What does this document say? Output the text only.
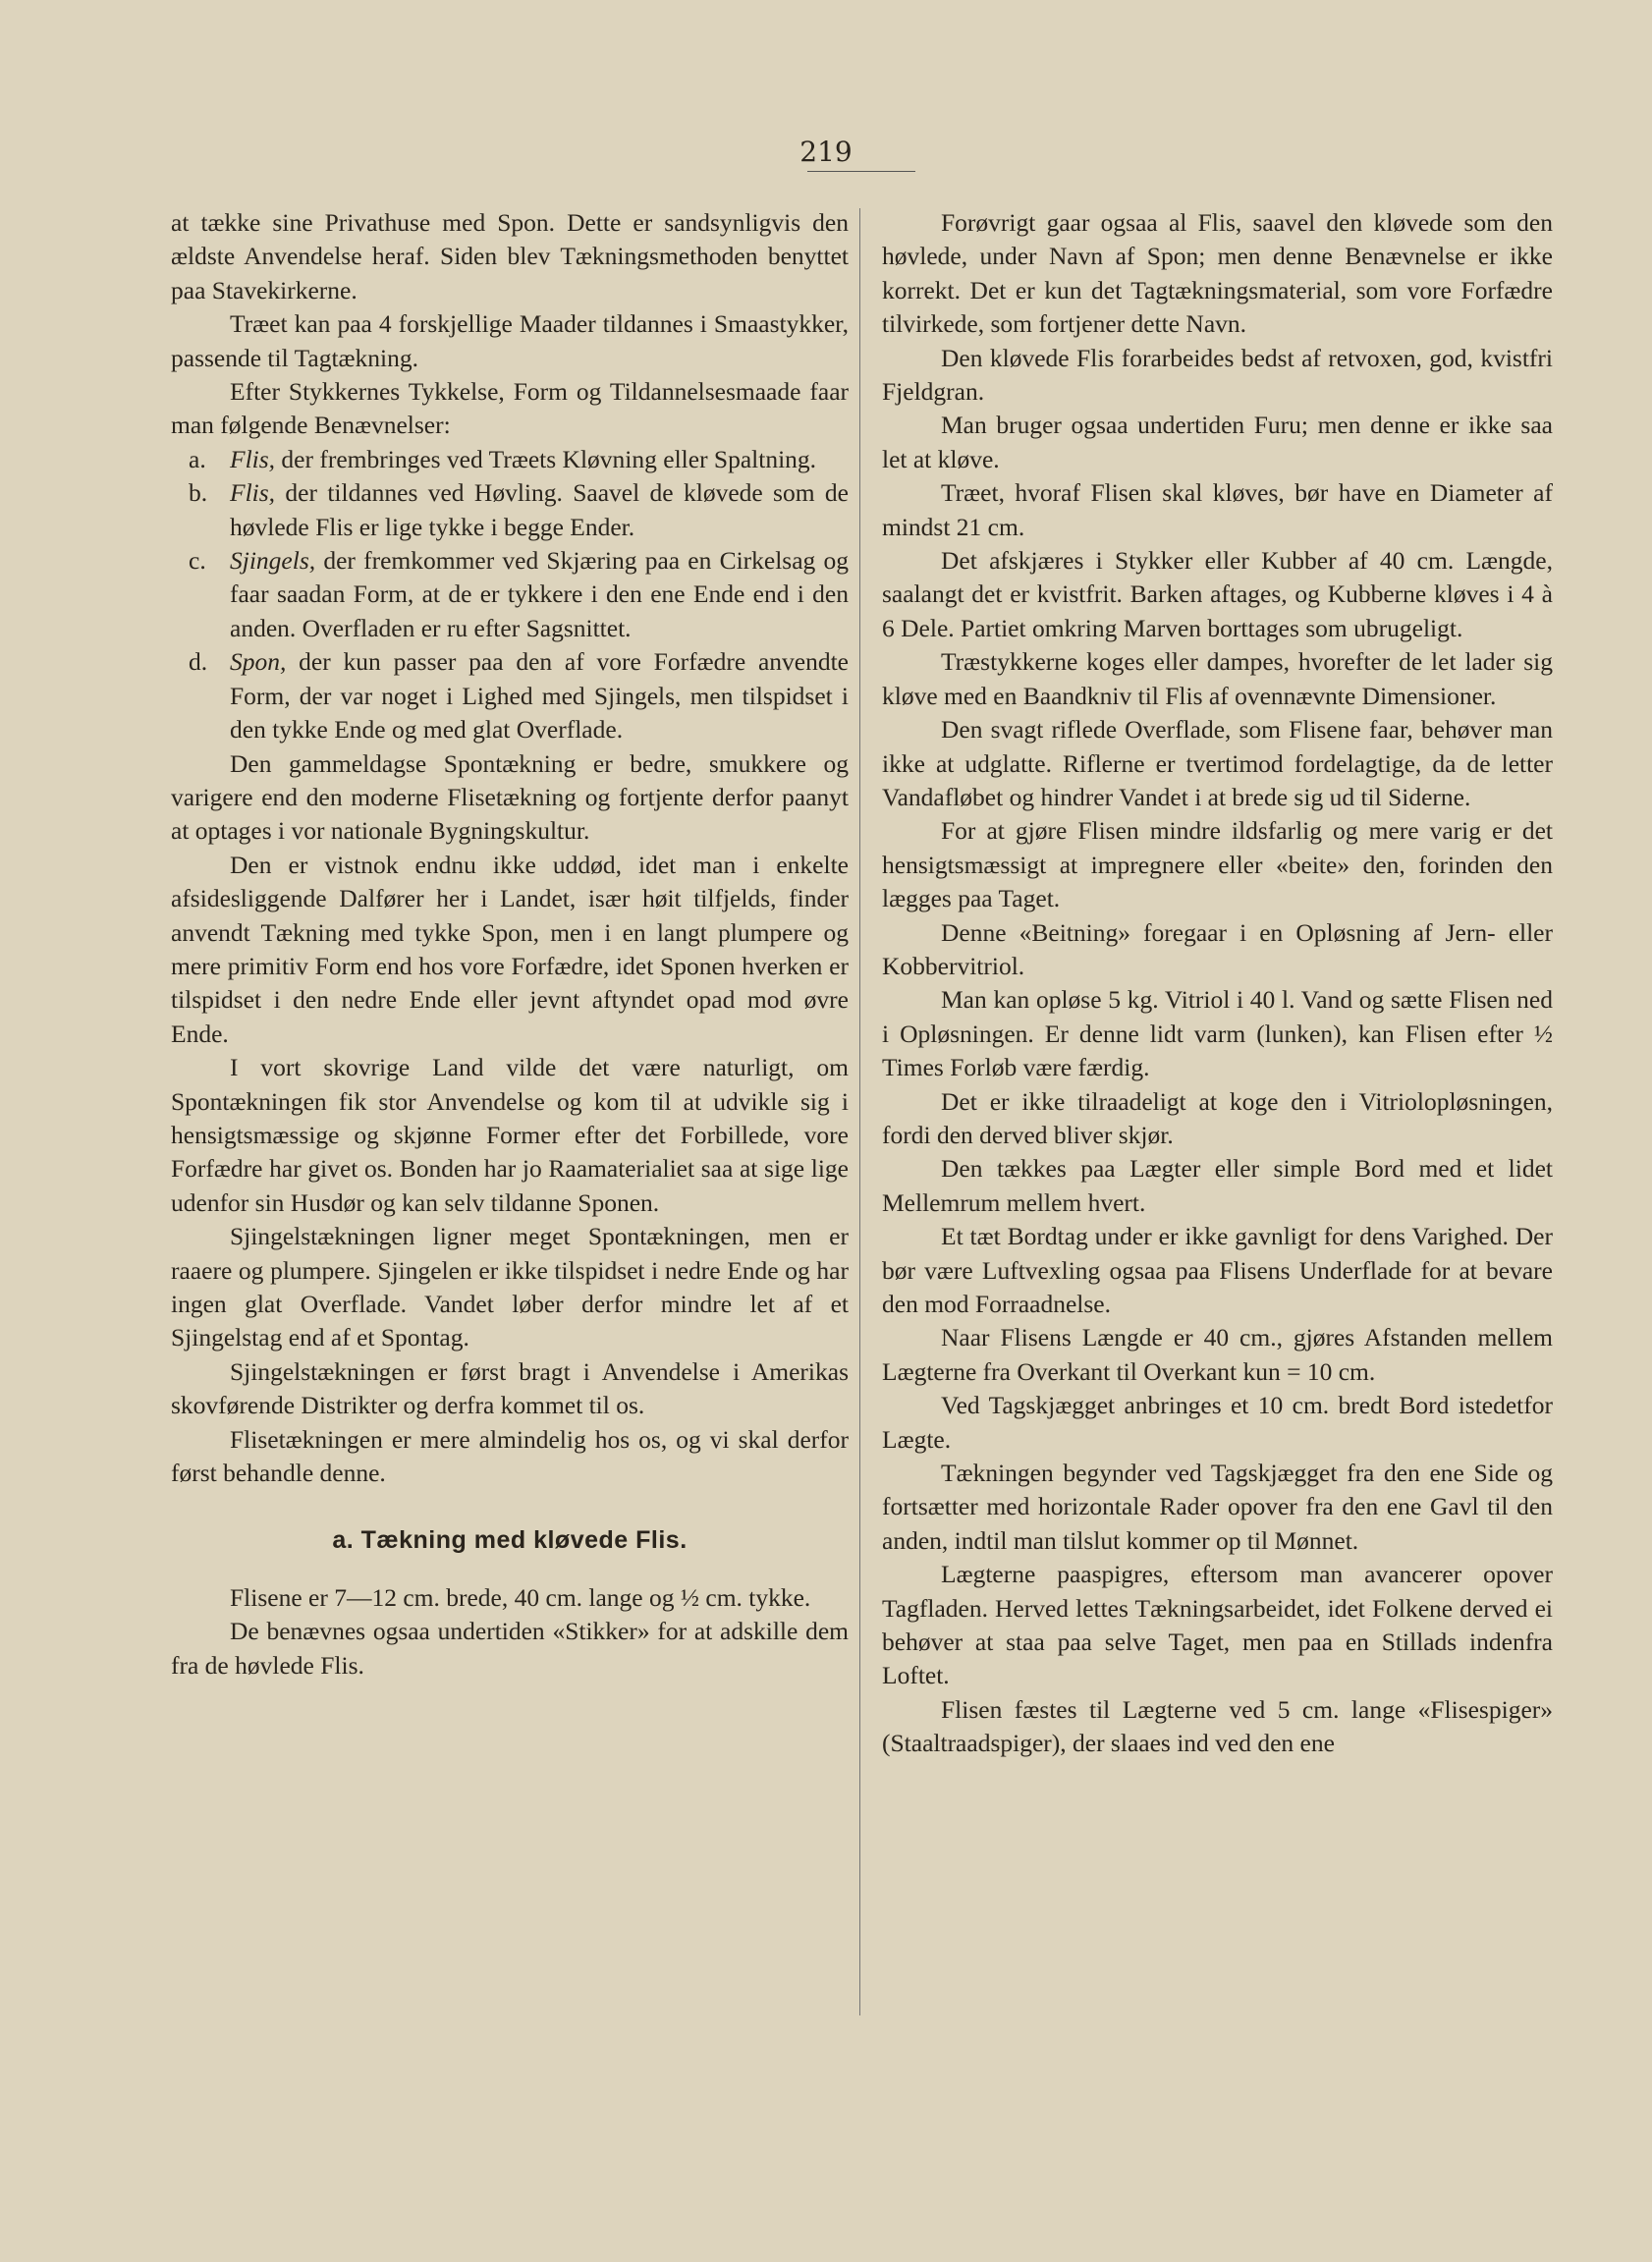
219

at tække sine Privathuse med Spon. Dette er sandsynligvis den ældste Anvendelse heraf. Siden blev Tækningsmethoden benyttet paa Stavekirkerne.

Træet kan paa 4 forskjellige Maader tildannes i Smaastykker, passende til Tagtækning.

Efter Stykkernes Tykkelse, Form og Tildannelsesmaade faar man følgende Benævnelser:

a. Flis, der frembringes ved Træets Kløvning eller Spaltning.
b. Flis, der tildannes ved Høvling. Saavel de kløvede som de høvlede Flis er lige tykke i begge Ender.
c. Sjingels, der fremkommer ved Skjæring paa en Cirkelsag og faar saadan Form, at de er tykkere i den ene Ende end i den anden. Overfladen er ru efter Sagsnittet.
d. Spon, der kun passer paa den af vore Forfædre anvendte Form, der var noget i Lighed med Sjingels, men tilspidset i den tykke Ende og med glat Overflade.

Den gammeldagse Spontækning er bedre, smukkere og varigere end den moderne Flisetækning og fortjente derfor paanyt at optages i vor nationale Bygningskultur.

Den er vistnok endnu ikke uddød, idet man i enkelte afsidesliggende Dalfører her i Landet, især høit tilfjelds, finder anvendt Tækning med tykke Spon, men i en langt plumpere og mere primitiv Form end hos vore Forfædre, idet Sponen hverken er tilspidset i den nedre Ende eller jevnt aftyndet opad mod øvre Ende.

I vort skovrige Land vilde det være naturligt, om Spontækningen fik stor Anvendelse og kom til at udvikle sig i hensigtsmæssige og skjønne Former efter det Forbillede, vore Forfædre har givet os. Bonden har jo Raamaterialiet saa at sige lige udenfor sin Husdør og kan selv tildanne Sponen.

Sjingelstækningen ligner meget Spontækningen, men er raaere og plumpere. Sjingelen er ikke tilspidset i nedre Ende og har ingen glat Overflade. Vandet løber derfor mindre let af et Sjingelstag end af et Spontag.

Sjingelstækningen er først bragt i Anvendelse i Amerikas skovførende Distrikter og derfra kommet til os.

Flisetækningen er mere almindelig hos os, og vi skal derfor først behandle denne.

a. Tækning med kløvede Flis.

Flisene er 7—12 cm. brede, 40 cm. lange og ½ cm. tykke.

De benævnes ogsaa undertiden «Stikker» for at adskille dem fra de høvlede Flis.

Forøvrigt gaar ogsaa al Flis, saavel den kløvede som den høvlede, under Navn af Spon; men denne Benævnelse er ikke korrekt. Det er kun det Tagtækningsmaterial, som vore Forfædre tilvirkede, som fortjener dette Navn.

Den kløvede Flis forarbeides bedst af retvoxen, god, kvistfri Fjeldgran.

Man bruger ogsaa undertiden Furu; men denne er ikke saa let at kløve.

Træet, hvoraf Flisen skal kløves, bør have en Diameter af mindst 21 cm.

Det afskjæres i Stykker eller Kubber af 40 cm. Længde, saalangt det er kvistfrit. Barken aftages, og Kubberne kløves i 4 à 6 Dele. Partiet omkring Marven borttages som ubrugeligt.

Træstykkerne koges eller dampes, hvorefter de let lader sig kløve med en Baandkniv til Flis af ovennævnte Dimensioner.

Den svagt riflede Overflade, som Flisene faar, behøver man ikke at udglatte. Riflerne er tvertimod fordelagtige, da de letter Vandafløbet og hindrer Vandet i at brede sig ud til Siderne.

For at gjøre Flisen mindre ildsfarlig og mere varig er det hensigtsmæssigt at impregnere eller «beite» den, forinden den lægges paa Taget.

Denne «Beitning» foregaar i en Opløsning af Jern- eller Kobbervitriol.

Man kan opløse 5 kg. Vitriol i 40 l. Vand og sætte Flisen ned i Opløsningen. Er denne lidt varm (lunken), kan Flisen efter ½ Times Forløb være færdig.

Det er ikke tilraadeligt at koge den i Vitriolopløsningen, fordi den derved bliver skjør.

Den tækkes paa Lægter eller simple Bord med et lidet Mellemrum mellem hvert.

Et tæt Bordtag under er ikke gavnligt for dens Varighed. Der bør være Luftvexling ogsaa paa Flisens Underflade for at bevare den mod Forraadnelse.

Naar Flisens Længde er 40 cm., gjøres Afstanden mellem Lægterne fra Overkant til Overkant kun = 10 cm.

Ved Tagskjægget anbringes et 10 cm. bredt Bord istedetfor Lægte.

Tækningen begynder ved Tagskjægget fra den ene Side og fortsætter med horizontale Rader opover fra den ene Gavl til den anden, indtil man tilslut kommer op til Mønnet.

Lægterne paaspigres, eftersom man avancerer opover Tagfladen. Herved lettes Tækningsarbeidet, idet Folkene derved ei behøver at staa paa selve Taget, men paa en Stillads indenfra Loftet.

Flisen fæstes til Lægterne ved 5 cm. lange «Flisespiger» (Staaltraadspiger), der slaaes ind ved den ene
